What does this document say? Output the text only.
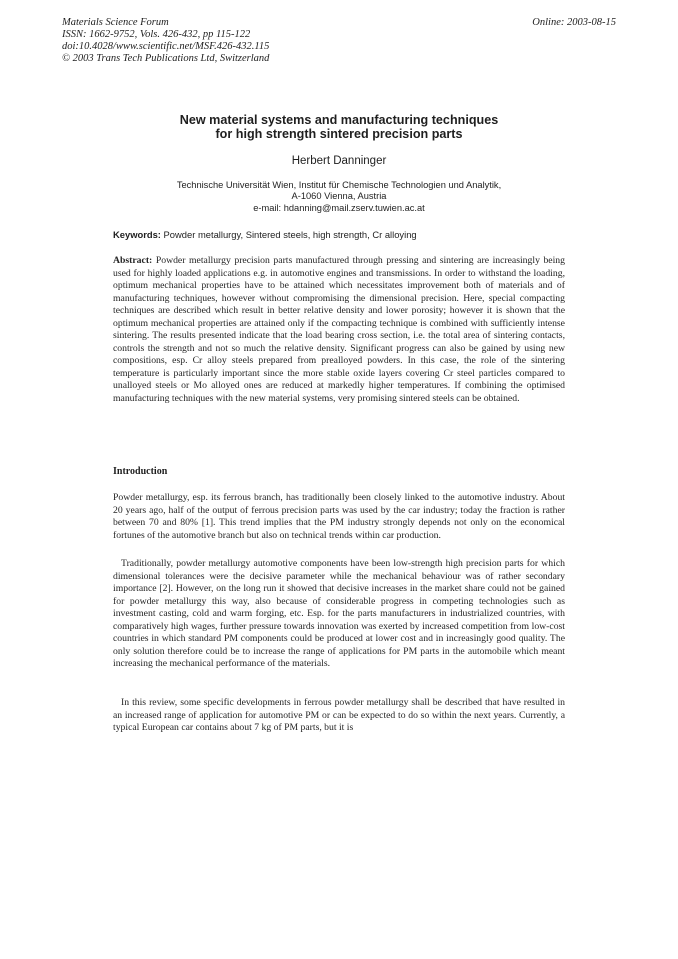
Materials Science Forum
ISSN: 1662-9752, Vols. 426-432, pp 115-122
doi:10.4028/www.scientific.net/MSF.426-432.115
© 2003 Trans Tech Publications Ltd, Switzerland
Online: 2003-08-15
New material systems and manufacturing techniques
for high strength sintered precision parts
Herbert Danninger
Technische Universität Wien, Institut für Chemische Technologien und Analytik,
A-1060 Vienna, Austria
e-mail: hdanning@mail.zserv.tuwien.ac.at
Keywords: Powder metallurgy, Sintered steels, high strength, Cr alloying
Abstract: Powder metallurgy precision parts manufactured through pressing and sintering are increasingly being used for highly loaded applications e.g. in automotive engines and transmissions. In order to withstand the loading, optimum mechanical properties have to be attained which necessitates improvement both of materials and of manufacturing techniques, however without compromising the dimensional precision. Here, special compacting techniques are described which result in better relative density and lower porosity; however it is shown that the optimum mechanical properties are attained only if the compacting technique is combined with sufficiently intense sintering. The results presented indicate that the load bearing cross section, i.e. the total area of sintering contacts, controls the strength and not so much the relative density. Significant progress can also be gained by using new compositions, esp. Cr alloy steels prepared from prealloyed powders. In this case, the role of the sintering temperature is particularly important since the more stable oxide layers covering Cr steel particles compared to unalloyed steels or Mo alloyed ones are reduced at markedly higher temperatures. If combining the optimised manufacturing techniques with the new material systems, very promising sintered steels can be obtained.
Introduction
Powder metallurgy, esp. its ferrous branch, has traditionally been closely linked to the automotive industry. About 20 years ago, half of the output of ferrous precision parts was used by the car industry; today the fraction is rather between 70 and 80% [1]. This trend implies that the PM industry strongly depends not only on the economical fortunes of the automotive branch but also on technical trends within car production.
Traditionally, powder metallurgy automotive components have been low-strength high precision parts for which dimensional tolerances were the decisive parameter while the mechanical behaviour was of rather secondary importance [2]. However, on the long run it showed that decisive increases in the market share could not be gained for powder metallurgy this way, also because of considerable progress in competing technologies such as investment casting, cold and warm forging, etc. Esp. for the parts manufacturers in industrialized countries, with comparatively high wages, further pressure towards innovation was exerted by increased competition from low-cost countries in which standard PM components could be produced at lower cost and in increasingly good quality. The only solution therefore could be to increase the range of applications for PM parts in the automobile which meant increasing the mechanical performance of the materials.
In this review, some specific developments in ferrous powder metallurgy shall be described that have resulted in an increased range of application for automotive PM or can be expected to do so within the next years. Currently, a typical European car contains about 7 kg of PM parts, but it is
